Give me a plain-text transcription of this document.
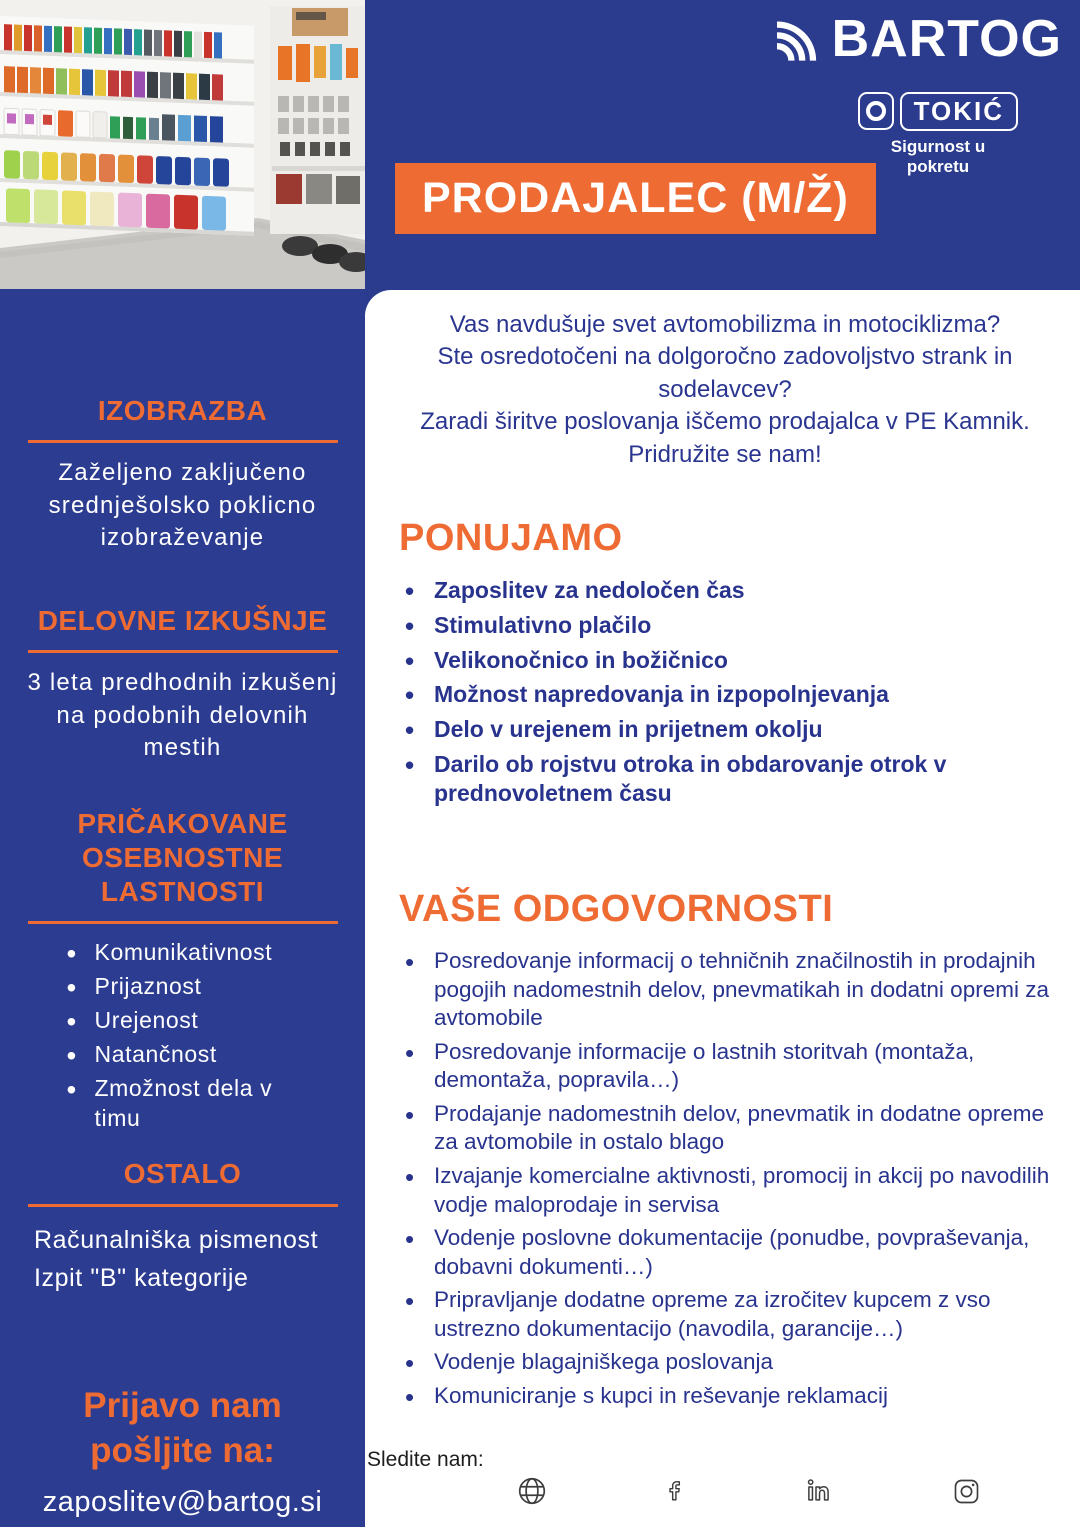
BARTOG
TOKIĆ
Sigurnost u pokretu
PRODAJALEC (M/Ž)
IZOBRAZBA

Zaželjeno zaključeno srednješolsko poklicno izobraževanje

DELOVNE IZKUŠNJE

3 leta predhodnih izkušenj na podobnih delovnih mestih

PRIČAKOVANE OSEBNOSTNE LASTNOSTI
• Komunikativnost
• Prijaznost
• Urejenost
• Natančnost
• Zmožnost dela v timu
OSTALO

Računalniška pismenost

Izpit "B" kategorije

Prijavo nam pošljite na:
zaposlitev@bartog.si

Vas navdušuje svet avtomobilizma in motociklizma?

Ste osredotočeni na dolgoročno zadovoljstvo strank in sodelavcev?

Zaradi širitve poslovanja iščemo prodajalca v PE Kamnik.

Pridružite se nam!

PONUJAMO
• Zaposlitev za nedoločen čas
• Stimulativno plačilo
• Velikonočnico in božičnico
• Možnost napredovanja in izpopolnjevanja
• Delo v urejenem in prijetnem okolju
• Darilo ob rojstvu otroka in obdarovanje otrok v prednovoletnem času
VAŠE ODGOVORNOSTI
• Posredovanje informacij o tehničnih značilnostih in prodajnih pogojih nadomestnih delov, pnevmatikah in dodatni opremi za avtomobile
• Posredovanje informacije o lastnih storitvah (montaža, demontaža, popravila…)
• Prodajanje nadomestnih delov, pnevmatik in dodatne opreme za avtomobile in ostalo blago
• Izvajanje komercialne aktivnosti, promocij in akcij po navodilih vodje maloprodaje in servisa
• Vodenje poslovne dokumentacije (ponudbe, povpraševanja, dobavni dokumenti…)
• Pripravljanje dodatne opreme za izročitev kupcem z vso ustrezno dokumentacijo (navodila, garancije…)
• Vodenje blagajniškega poslovanja
• Komuniciranje s kupci in reševanje reklamacij
Sledite nam:
